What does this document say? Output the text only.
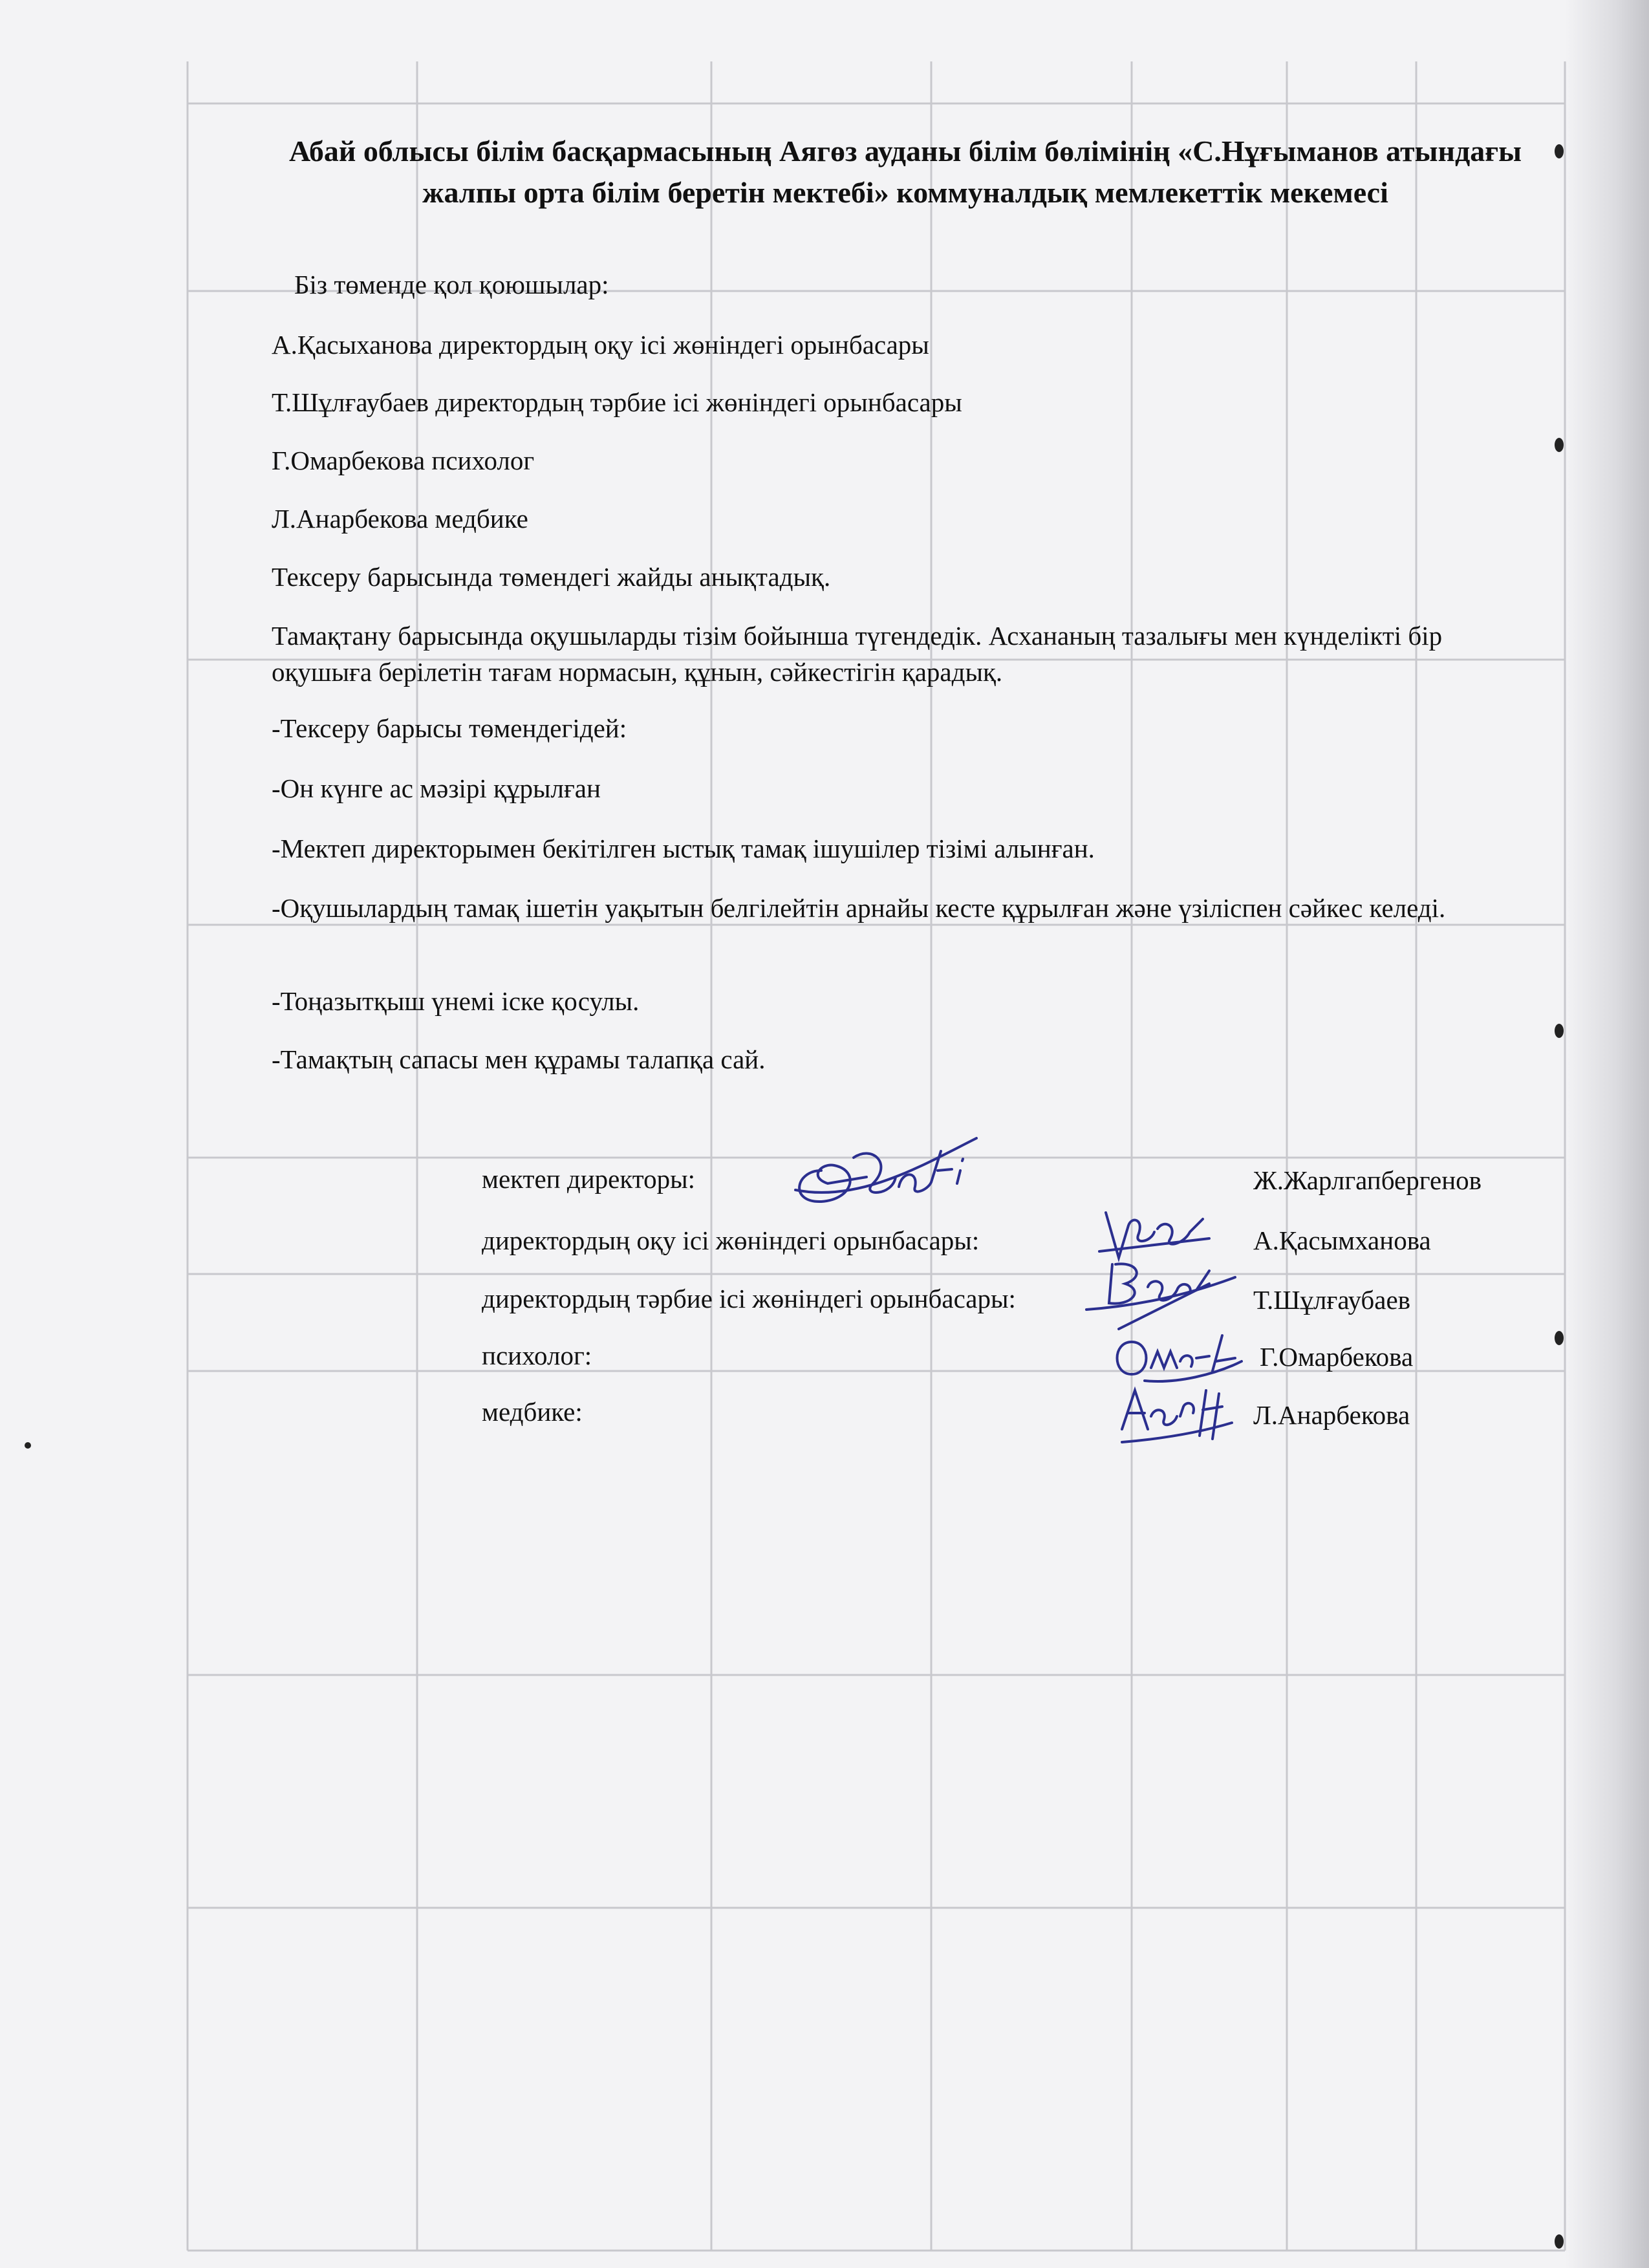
Абай облысы білім басқармасының Аягөз ауданы білім бөлімінің «С.Нұғыманов атындағы жалпы орта білім беретін мектебі» коммуналдық мемлекеттік мекемесі
Біз төменде қол қоюшылар:
А.Қасыханова директордың оқу ісі жөніндегі орынбасары
Т.Шұлғаубаев директордың тәрбие ісі жөніндегі орынбасары
Г.Омарбекова психолог
Л.Анарбекова медбике
Тексеру барысында төмендегі жайды анықтадық.
Тамақтану барысында оқушыларды тізім бойынша түгендедік. Асхананың тазалығы мен күнделікті бір оқушыға берілетін тағам нормасын, құнын, сәйкестігін қарадық.
-Тексеру барысы төмендегідей:
-Он күнге ас мәзірі құрылған
-Мектеп директорымен бекітілген ыстық тамақ ішушілер тізімі алынған.
-Оқушылардың тамақ ішетін уақытын белгілейтін арнайы кесте құрылған және үзіліспен сәйкес келеді.
-Тоңазытқыш үнемі іске қосулы.
-Тамақтың сапасы мен құрамы талапқа сай.
мектеп директоры:	Ж.Жарлгапбергенов
директордың оқу ісі жөніндегі орынбасары:	А.Қасымханова
директордың тәрбие ісі жөніндегі орынбасары:	Т.Шұлғаубаев
психолог:	Г.Омарбекова
медбике:	Л.Анарбекова
